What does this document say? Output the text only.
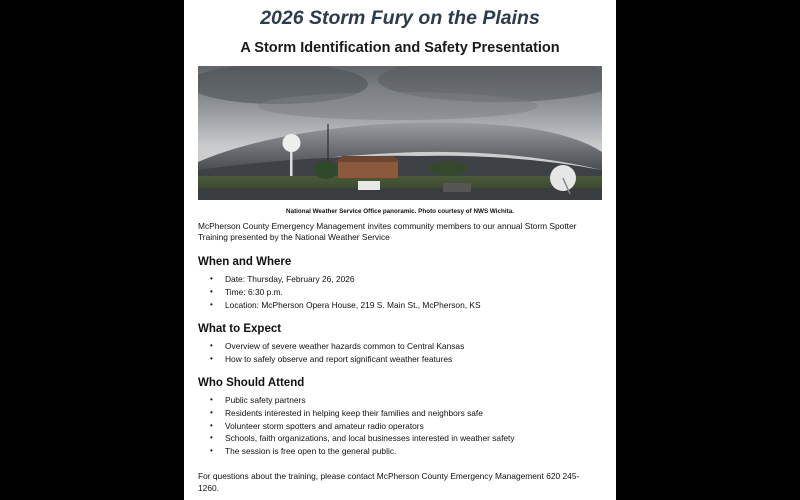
2026 Storm Fury on the Plains
A Storm Identification and Safety Presentation
National Weather Service Office panoramic. Photo courtesy of NWS Wichita.
McPherson County Emergency Management invites community members to our annual Storm Spotter Training presented by the National Weather Service
When and Where
• Date: Thursday, February 26, 2026
• Time: 6:30 p.m.
• Location: McPherson Opera House, 219 S. Main St., McPherson, KS
What to Expect
• Overview of severe weather hazards common to Central Kansas
• How to safely observe and report significant weather features
Who Should Attend
• Public safety partners
• Residents interested in helping keep their families and neighbors safe
• Volunteer storm spotters and amateur radio operators
• Schools, faith organizations, and local businesses interested in weather safety
• The session is free open to the general public.
For questions about the training, please contact McPherson County Emergency Management 620 245-1260.
